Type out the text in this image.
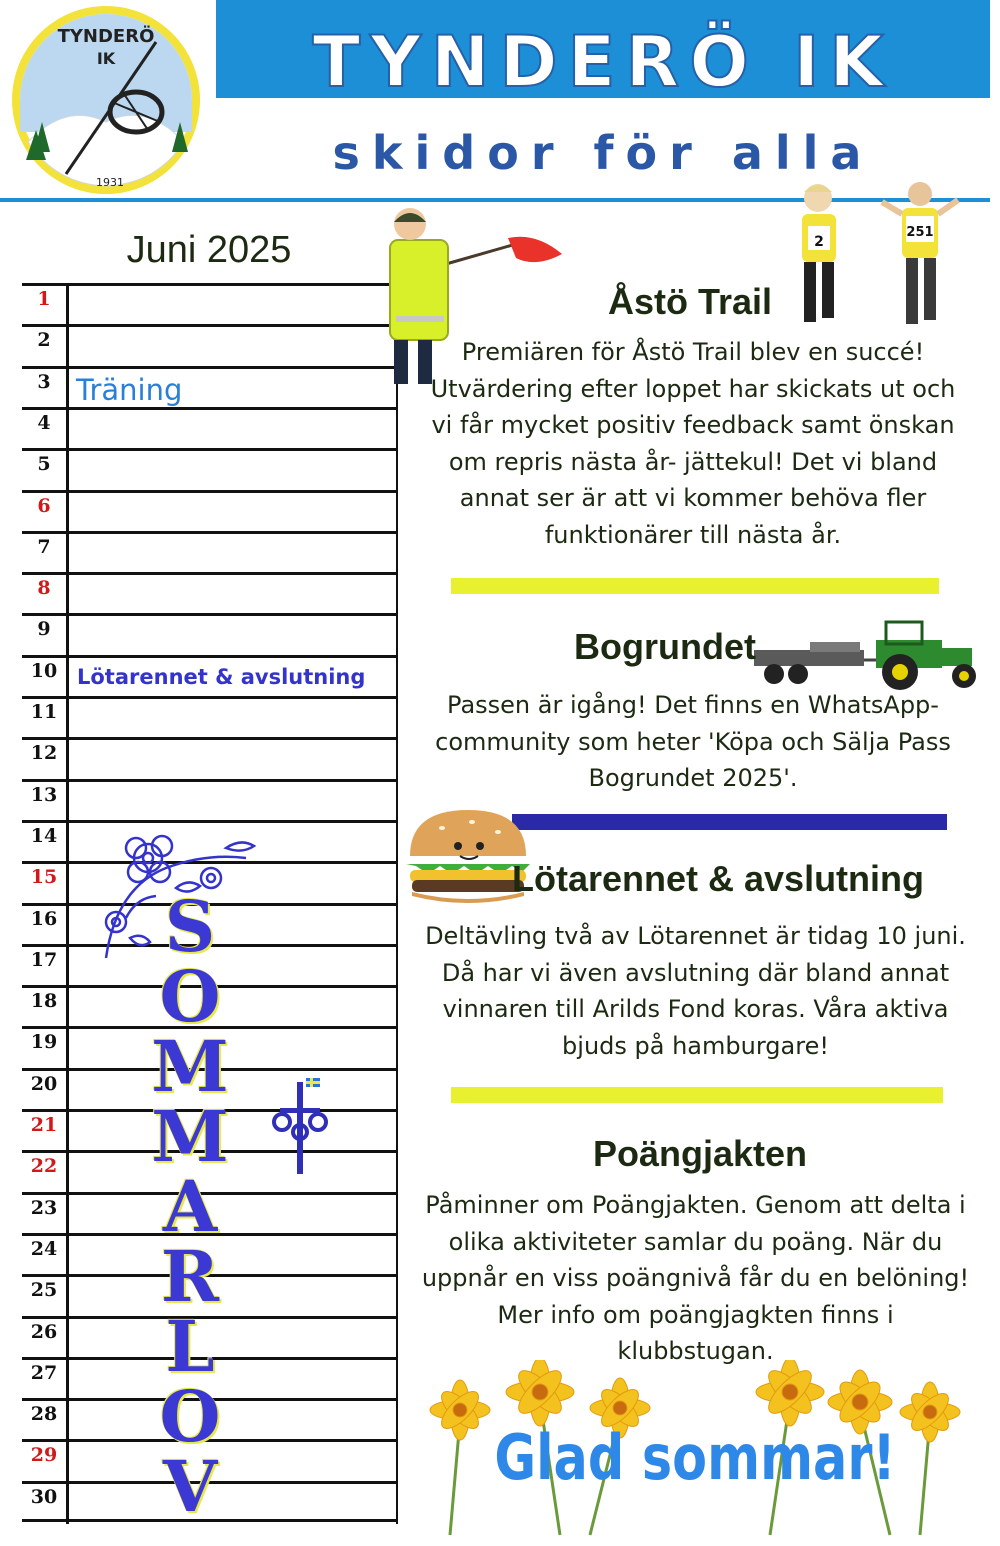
TYNDERÖ
IK
1931
TYNDERÖ IK
skidor för alla
Juni 2025
1
2
3
4
5
6
7
8
9
10
11
12
13
14
15
16
17
18
19
20
21
22
23
24
25
26
27
28
29
30
Träning
Lötarennet & avslutning
S
O
M
M
A
R
L
O
V
2
251
Åstö Trail
Premiären för Åstö Trail blev en succé! Utvärdering efter loppet har skickats ut och vi får mycket positiv feedback samt önskan om repris nästa år- jättekul! Det vi bland annat ser är att vi kommer behöva fler funktionärer till nästa år.
Bogrundet
Passen är igång! Det finns en WhatsApp-community som heter 'Köpa och Sälja Pass Bogrundet 2025'.
Lötarennet & avslutning
Deltävling två av Lötarennet är tidag 10 juni. Då har vi även avslutning där bland annat vinnaren till Arilds Fond koras. Våra aktiva bjuds på hamburgare!
Poängjakten
Påminner om Poängjakten. Genom att delta i olika aktiviteter samlar du poäng. När du uppnår en viss poängnivå får du en belöning! Mer info om poängjagkten finns i klubbstugan.
Glad sommar!
